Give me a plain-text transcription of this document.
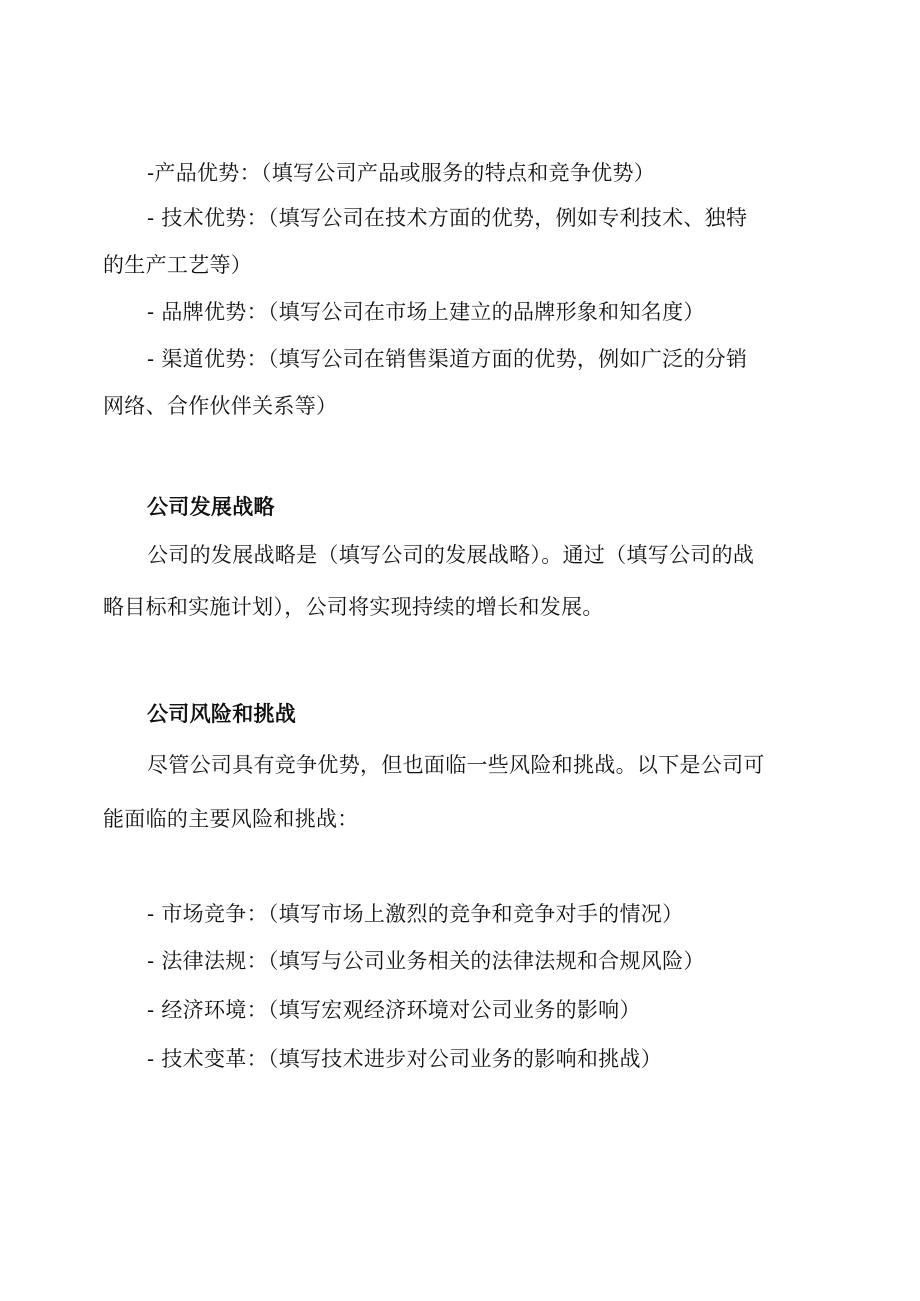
-产品优势：（填写公司产品或服务的特点和竞争优势）
- 技术优势：（填写公司在技术方面的优势，例如专利技术、独特
的生产工艺等）
- 品牌优势：（填写公司在市场上建立的品牌形象和知名度）
- 渠道优势：（填写公司在销售渠道方面的优势，例如广泛的分销
网络、合作伙伴关系等）
公司发展战略
公司的发展战略是（填写公司的发展战略）。通过（填写公司的战
略目标和实施计划），公司将实现持续的增长和发展。
公司风险和挑战
尽管公司具有竞争优势，但也面临一些风险和挑战。以下是公司可
能面临的主要风险和挑战：
- 市场竞争：（填写市场上激烈的竞争和竞争对手的情况）
- 法律法规：（填写与公司业务相关的法律法规和合规风险）
- 经济环境：（填写宏观经济环境对公司业务的影响）
- 技术变革：（填写技术进步对公司业务的影响和挑战）
